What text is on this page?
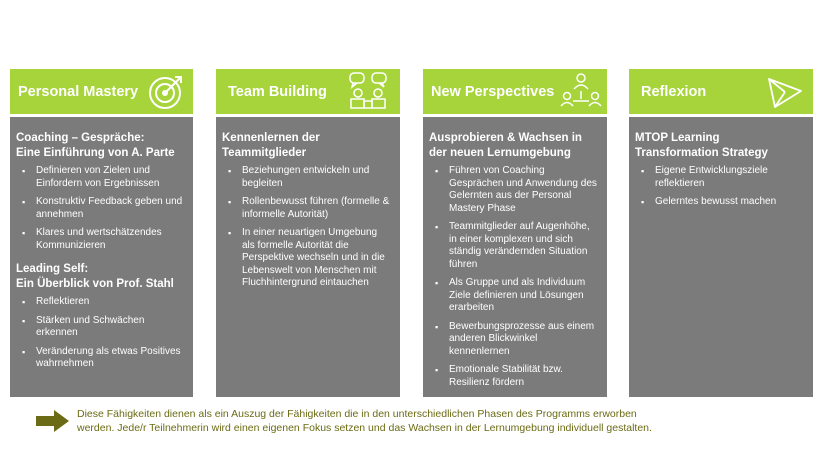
Personal Mastery
Coaching – Gespräche:
Eine Einführung von A. Parte
▪ Definieren von Zielen und Einfordern von Ergebnissen
▪ Konstruktiv Feedback geben und annehmen
▪ Klares und wertschätzendes Kommunizieren
Leading Self:
Ein Überblick von Prof. Stahl
▪ Reflektieren
▪ Stärken und Schwächen erkennen
▪ Veränderung als etwas Positives wahrnehmen
Team Building
Kennenlernen der
Teammitglieder
▪ Beziehungen entwickeln und begleiten
▪ Rollenbewusst führen (formelle & informelle Autorität)
▪ In einer neuartigen Umgebung als formelle Autorität die Perspektive wechseln und in die Lebenswelt von Menschen mit Fluchhintergrund eintauchen
New Perspectives
Ausprobieren & Wachsen in
der neuen Lernumgebung
▪ Führen von Coaching Gesprächen und Anwendung des Gelernten aus der Personal Mastery Phase
▪ Teammitglieder auf Augenhöhe, in einer komplexen und sich ständig verändernden Situation führen
▪ Als Gruppe und als Individuum Ziele definieren und Lösungen erarbeiten
▪ Bewerbungsprozesse aus einem anderen Blickwinkel kennenlernen
▪ Emotionale Stabilität bzw. Resilienz fördern
Reflexion
MTOP Learning
Transformation Strategy
▪ Eigene Entwicklungsziele reflektieren
▪ Gelerntes bewusst machen
Diese Fähigkeiten dienen als ein Auszug der Fähigkeiten die in den unterschiedlichen Phasen des Programms erworben
werden. Jede/r Teilnehmerin wird einen eigenen Fokus setzen und das Wachsen in der Lernumgebung individuell gestalten.
